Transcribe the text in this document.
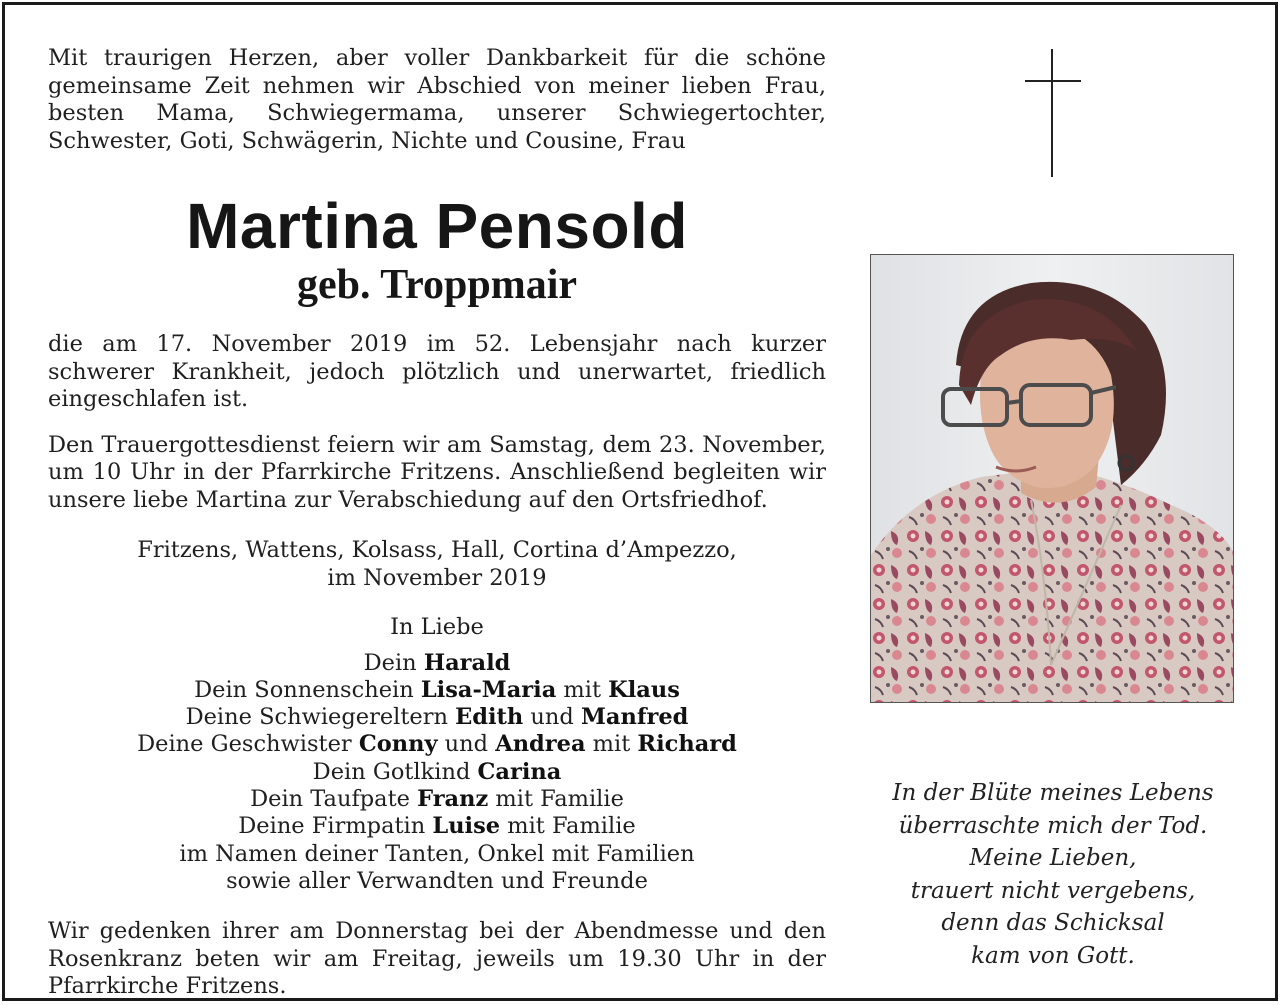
Mit traurigen Herzen, aber voller Dankbarkeit für die schöne gemeinsame Zeit nehmen wir Abschied von meiner lieben Frau, besten Mama, Schwiegermama, unserer Schwiegertochter, Schwester, Goti, Schwägerin, Nichte und Cousine, Frau

Martina Pensold
geb. Troppmair

die am 17. November 2019 im 52. Lebensjahr nach kurzer schwerer Krankheit, jedoch plötzlich und unerwartet, friedlich eingeschlafen ist.

Den Trauergottesdienst feiern wir am Samstag, dem 23. November, um 10 Uhr in der Pfarrkirche Fritzens. Anschließend begleiten wir unsere liebe Martina zur Verabschiedung auf den Ortsfriedhof.

Fritzens, Wattens, Kolsass, Hall, Cortina d’Ampezzo,
im November 2019
In Liebe
Dein Harald
Dein Sonnenschein Lisa-Maria mit Klaus
Deine Schwiegereltern Edith und Manfred
Deine Geschwister Conny und Andrea mit Richard
Dein Gotlkind Carina
Dein Taufpate Franz mit Familie
Deine Firmpatin Luise mit Familie
im Namen deiner Tanten, Onkel mit Familien
sowie aller Verwandten und Freunde

Wir gedenken ihrer am Donnerstag bei der Abendmesse und den Rosenkranz beten wir am Freitag, jeweils um 19.30 Uhr in der Pfarrkirche Fritzens.

In der Blüte meines Lebens
überraschte mich der Tod.
Meine Lieben,
trauert nicht vergebens,
denn das Schicksal
kam von Gott.
